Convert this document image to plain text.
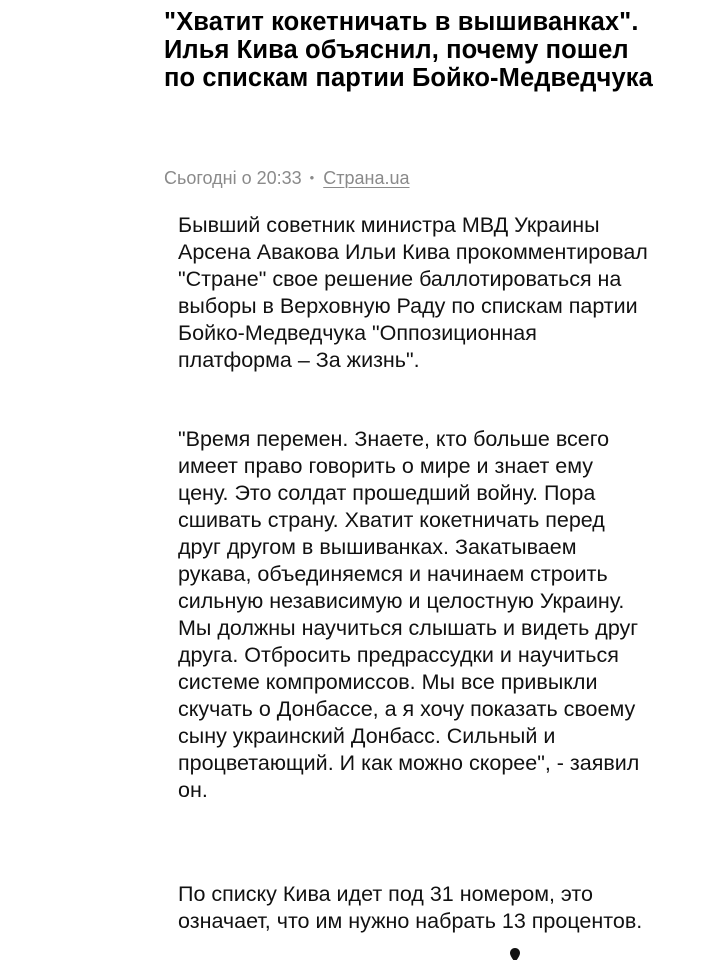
"Хватит кокетничать в вышиванках". Илья Кива объяснил, почему пошел по спискам партии Бойко-Медведчука
Сьогодні о 20:33 • Страна.ua

Бывший советник министра МВД Украины Арсена Авакова Ильи Кива прокомментировал "Стране" свое решение баллотироваться на выборы в Верховную Раду по спискам партии Бойко-Медведчука "Оппозиционная платформа – За жизнь".

"Время перемен. Знаете, кто больше всего имеет право говорить о мире и знает ему цену. Это солдат прошедший войну. Пора сшивать страну. Хватит кокетничать перед друг другом в вышиванках. Закатываем рукава, объединяемся и начинаем строить сильную независимую и целостную Украину. Мы должны научиться слышать и видеть друг друга. Отбросить предрассудки и научиться системе компромиссов. Мы все привыкли скучать о Донбассе, а я хочу показать своему сыну украинский Донбасс. Сильный и процветающий. И как можно скорее", - заявил он.

По списку Кива идет под 31 номером, это означает, что им нужно набрать 13 процентов.
